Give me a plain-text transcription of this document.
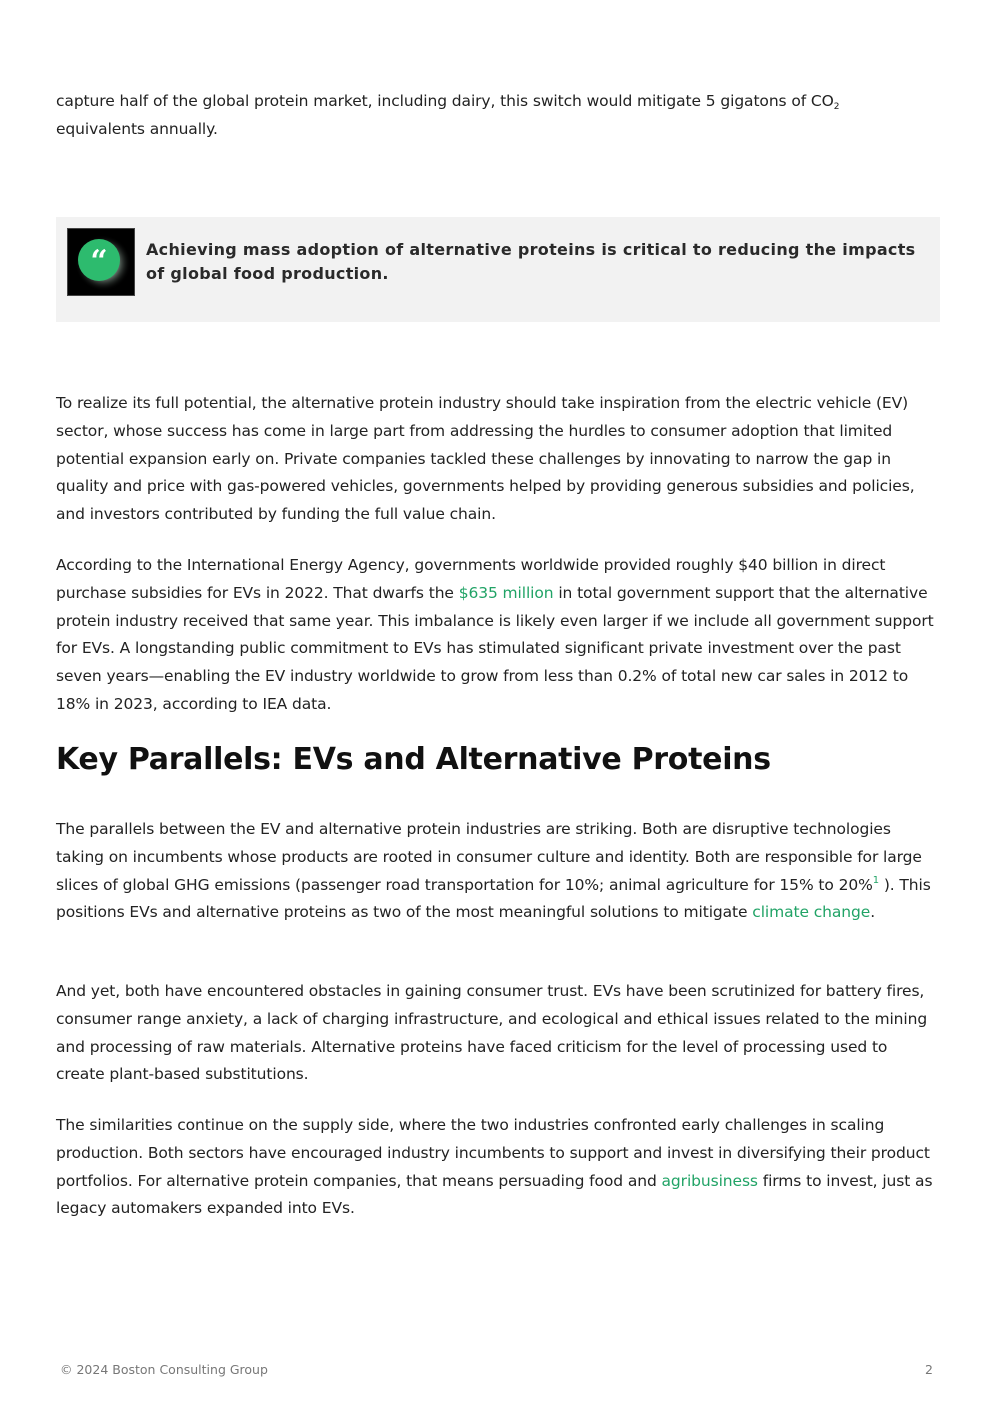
capture half of the global protein market, including dairy, this switch would mitigate 5 gigatons of $CO_2$
equivalents annually.

“ Achieving mass adoption of alternative proteins is critical to reducing the impacts of global food production.

To realize its full potential, the alternative protein industry should take inspiration from the electric vehicle (EV) sector, whose success has come in large part from addressing the hurdles to consumer adoption that limited potential expansion early on. Private companies tackled these challenges by innovating to narrow the gap in quality and price with gas-powered vehicles, governments helped by providing generous subsidies and policies, and investors contributed by funding the full value chain.

According to the International Energy Agency, governments worldwide provided roughly $40 billion in direct purchase subsidies for EVs in 2022. That dwarfs the $635 million in total government support that the alternative protein industry received that same year. This imbalance is likely even larger if we include all government support for EVs. A longstanding public commitment to EVs has stimulated significant private investment over the past seven years—enabling the EV industry worldwide to grow from less than 0.2% of total new car sales in 2012 to 18% in 2023, according to IEA data.

Key Parallels: EVs and Alternative Proteins

The parallels between the EV and alternative protein industries are striking. Both are disruptive technologies taking on incumbents whose products are rooted in consumer culture and identity. Both are responsible for large slices of global GHG emissions (passenger road transportation for 10%; animal agriculture for 15% to 20%$^1$ ). This positions EVs and alternative proteins as two of the most meaningful solutions to mitigate climate change.

And yet, both have encountered obstacles in gaining consumer trust. EVs have been scrutinized for battery fires, consumer range anxiety, a lack of charging infrastructure, and ecological and ethical issues related to the mining and processing of raw materials. Alternative proteins have faced criticism for the level of processing used to create plant-based substitutions.

The similarities continue on the supply side, where the two industries confronted early challenges in scaling production. Both sectors have encouraged industry incumbents to support and invest in diversifying their product portfolios. For alternative protein companies, that means persuading food and agribusiness firms to invest, just as legacy automakers expanded into EVs.

© 2024 Boston Consulting Group	2
